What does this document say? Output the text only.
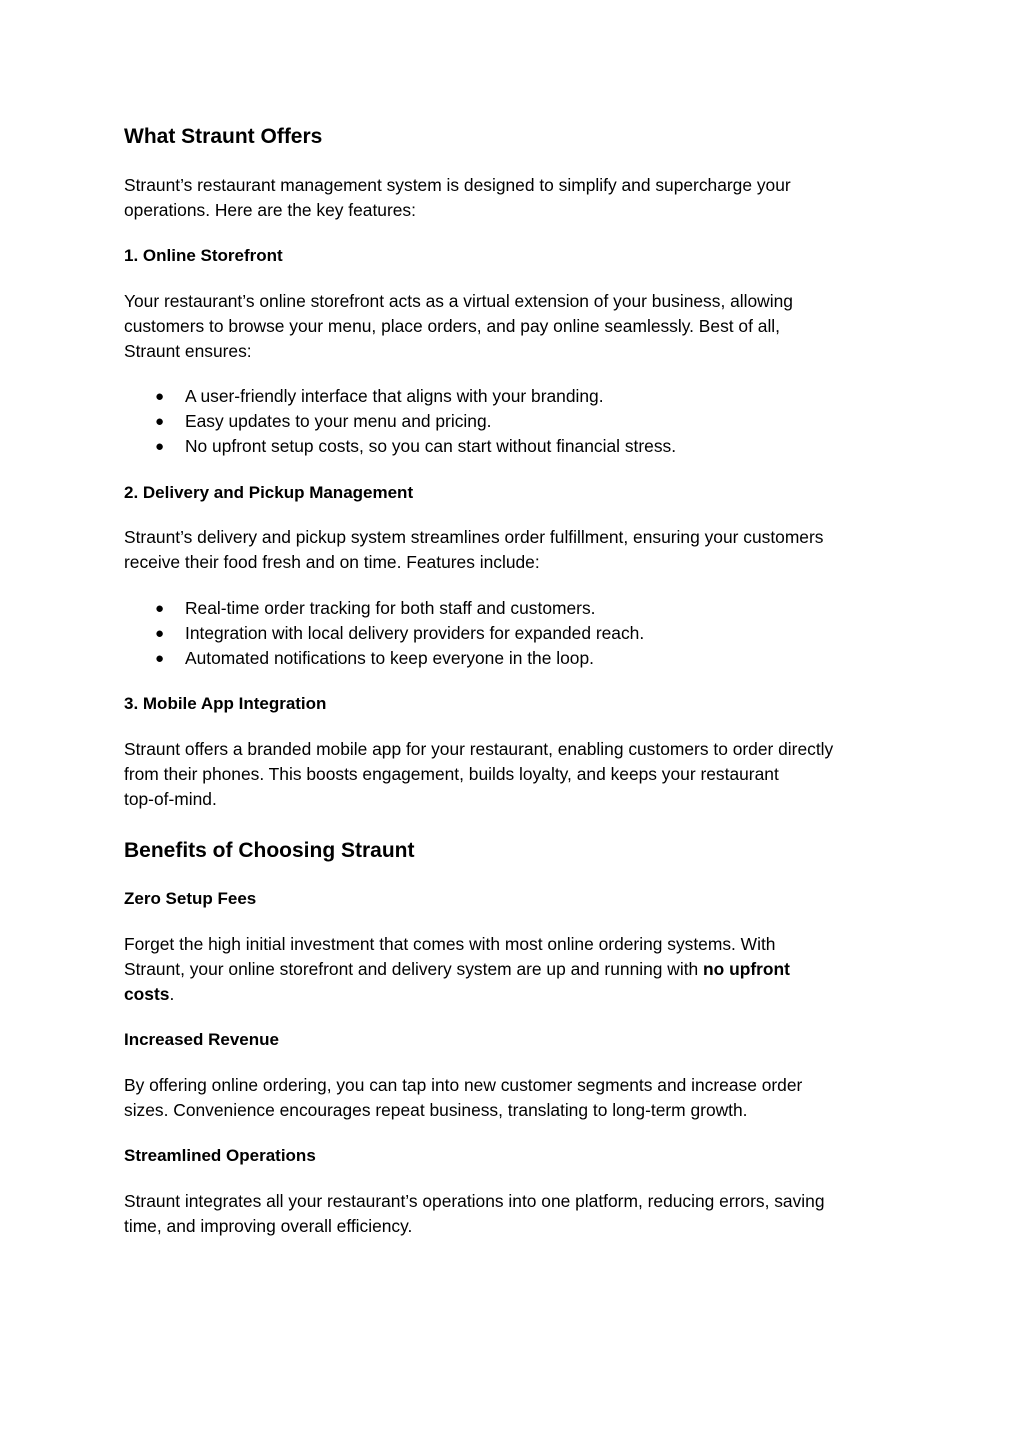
What Straunt Offers

Straunt’s restaurant management system is designed to simplify and supercharge your
operations. Here are the key features:

1. Online Storefront

Your restaurant’s online storefront acts as a virtual extension of your business, allowing
customers to browse your menu, place orders, and pay online seamlessly. Best of all,
Straunt ensures:

● A user-friendly interface that aligns with your branding.
● Easy updates to your menu and pricing.
● No upfront setup costs, so you can start without financial stress.
2. Delivery and Pickup Management

Straunt’s delivery and pickup system streamlines order fulfillment, ensuring your customers
receive their food fresh and on time. Features include:

● Real-time order tracking for both staff and customers.
● Integration with local delivery providers for expanded reach.
● Automated notifications to keep everyone in the loop.
3. Mobile App Integration

Straunt offers a branded mobile app for your restaurant, enabling customers to order directly
from their phones. This boosts engagement, builds loyalty, and keeps your restaurant
top-of-mind.

Benefits of Choosing Straunt
Zero Setup Fees

Forget the high initial investment that comes with most online ordering systems. With
Straunt, your online storefront and delivery system are up and running with no upfront
costs.

Increased Revenue

By offering online ordering, you can tap into new customer segments and increase order
sizes. Convenience encourages repeat business, translating to long-term growth.

Streamlined Operations

Straunt integrates all your restaurant’s operations into one platform, reducing errors, saving
time, and improving overall efficiency.
